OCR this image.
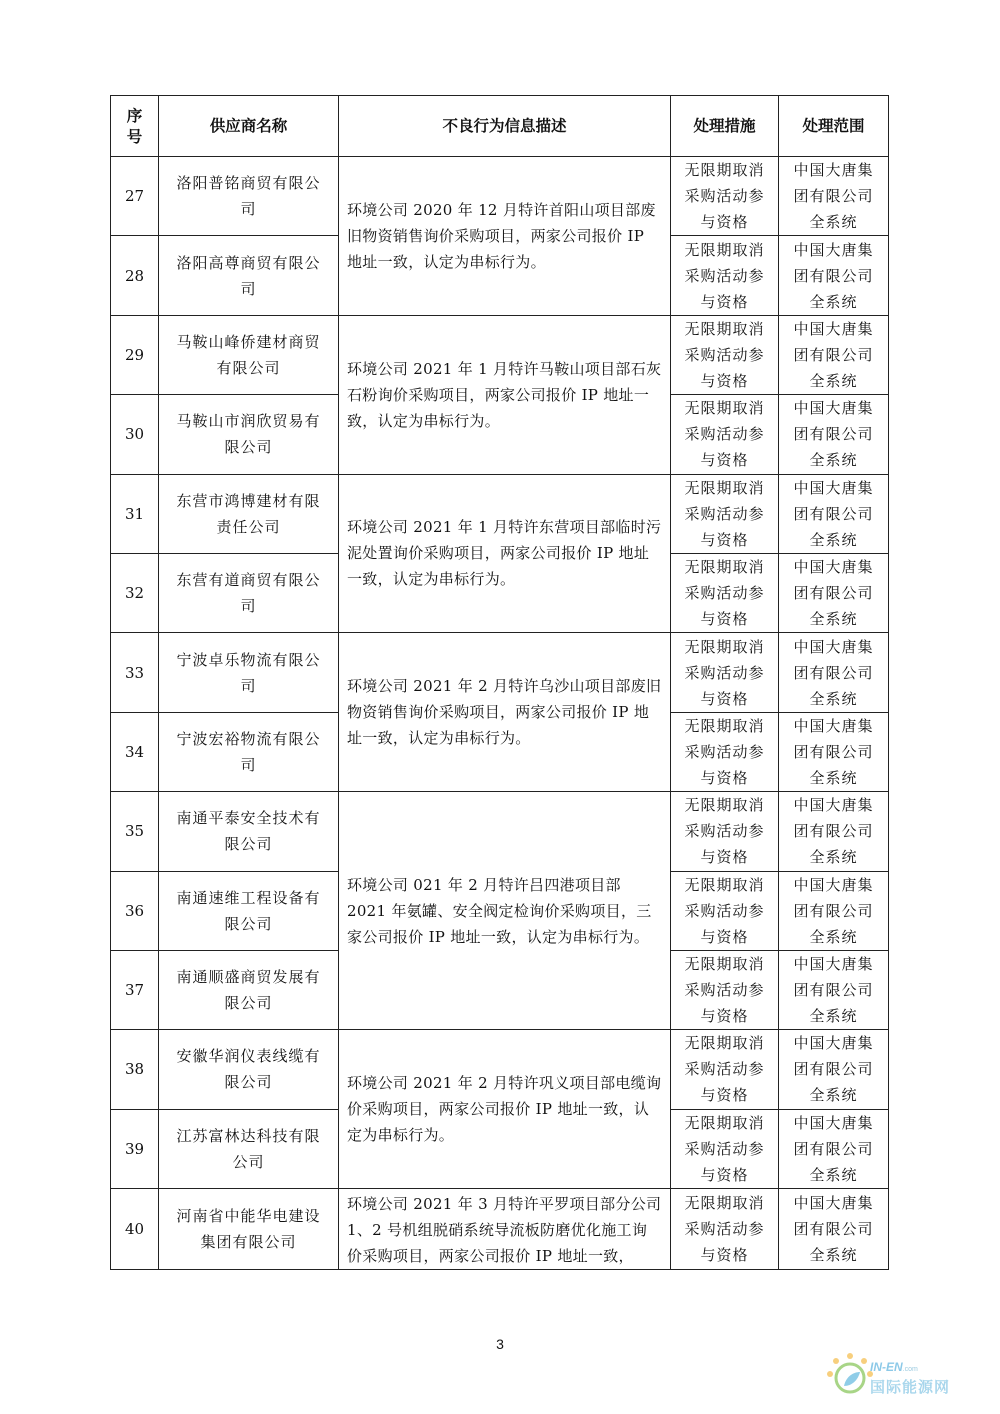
序
号	供应商名称	不良行为信息描述	处理措施	处理范围
27	洛阳普铭商贸有限公司	环境公司 2020 年 12 月特许首阳山项目部废旧物资销售询价采购项目，两家公司报价 IP 地址一致，认定为串标行为。	无限期取消采购活动参与资格	中国大唐集团有限公司全系统
28	洛阳高尊商贸有限公司		无限期取消采购活动参与资格	中国大唐集团有限公司全系统
29	马鞍山峰侨建材商贸有限公司	环境公司 2021 年 1 月特许马鞍山项目部石灰石粉询价采购项目，两家公司报价 IP 地址一致，认定为串标行为。	无限期取消采购活动参与资格	中国大唐集团有限公司全系统
30	马鞍山市润欣贸易有限公司		无限期取消采购活动参与资格	中国大唐集团有限公司全系统
31	东营市鸿博建材有限责任公司	环境公司 2021 年 1 月特许东营项目部临时污泥处置询价采购项目，两家公司报价 IP 地址一致，认定为串标行为。	无限期取消采购活动参与资格	中国大唐集团有限公司全系统
32	东营有道商贸有限公司		无限期取消采购活动参与资格	中国大唐集团有限公司全系统
33	宁波卓乐物流有限公司	环境公司 2021 年 2 月特许乌沙山项目部废旧物资销售询价采购项目，两家公司报价 IP 地址一致，认定为串标行为。	无限期取消采购活动参与资格	中国大唐集团有限公司全系统
34	宁波宏裕物流有限公司		无限期取消采购活动参与资格	中国大唐集团有限公司全系统
35	南通平泰安全技术有限公司	环境公司 021 年 2 月特许吕四港项目部 2021 年氨罐、安全阀定检询价采购项目，三家公司报价 IP 地址一致，认定为串标行为。	无限期取消采购活动参与资格	中国大唐集团有限公司全系统
36	南通速维工程设备有限公司		无限期取消采购活动参与资格	中国大唐集团有限公司全系统
37	南通顺盛商贸发展有限公司		无限期取消采购活动参与资格	中国大唐集团有限公司全系统
38	安徽华润仪表线缆有限公司	环境公司 2021 年 2 月特许巩义项目部电缆询价采购项目，两家公司报价 IP 地址一致，认定为串标行为。	无限期取消采购活动参与资格	中国大唐集团有限公司全系统
39	江苏富林达科技有限公司		无限期取消采购活动参与资格	中国大唐集团有限公司全系统
40	河南省中能华电建设集团有限公司	环境公司 2021 年 3 月特许平罗项目部分公司 1、2 号机组脱硝系统导流板防磨优化施工询价采购项目，两家公司报价 IP 地址一致，	无限期取消采购活动参与资格	中国大唐集团有限公司全系统
3
IN-EN.com
国际能源网
